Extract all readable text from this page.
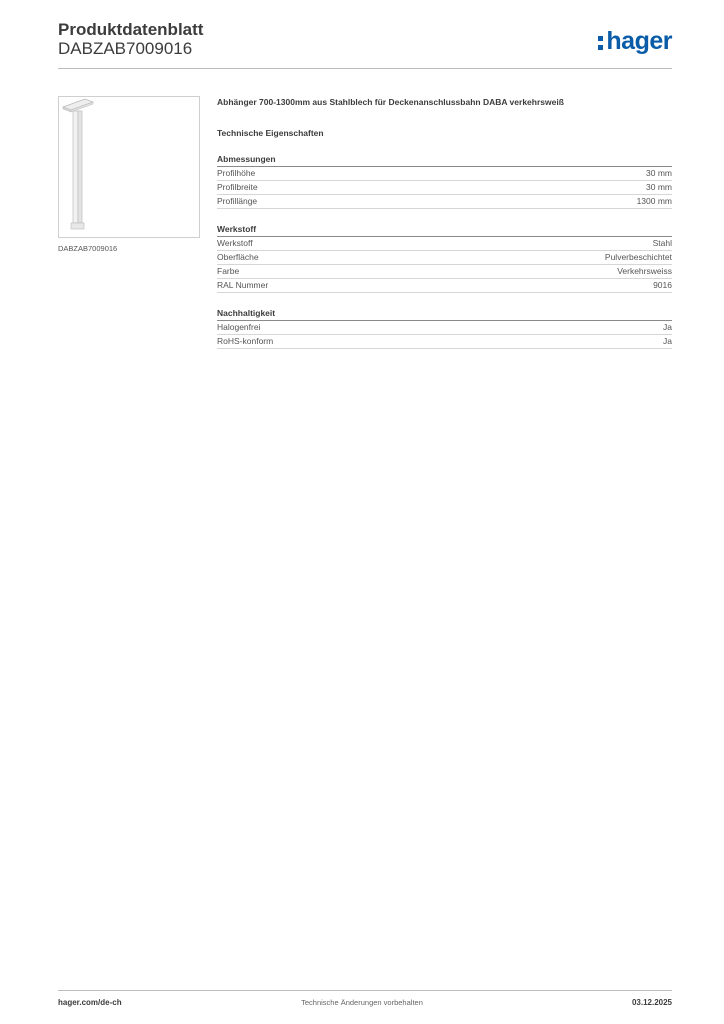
Produktdatenblatt
DABZAB7009016	hager
DABZAB7009016
Abhänger 700-1300mm aus Stahlblech für Deckenanschlussbahn DABA verkehrsweiß
Technische Eigenschaften
Abmessungen
Profilhöhe	30 mm
Profilbreite	30 mm
Profillänge	1300 mm
Werkstoff
Werkstoff	Stahl
Oberfläche	Pulverbeschichtet
Farbe	Verkehrsweiss
RAL Nummer	9016
Nachhaltigkeit
Halogenfrei	Ja
RoHS-konform	Ja
hager.com/de-ch	Technische Änderungen vorbehalten	03.12.2025
